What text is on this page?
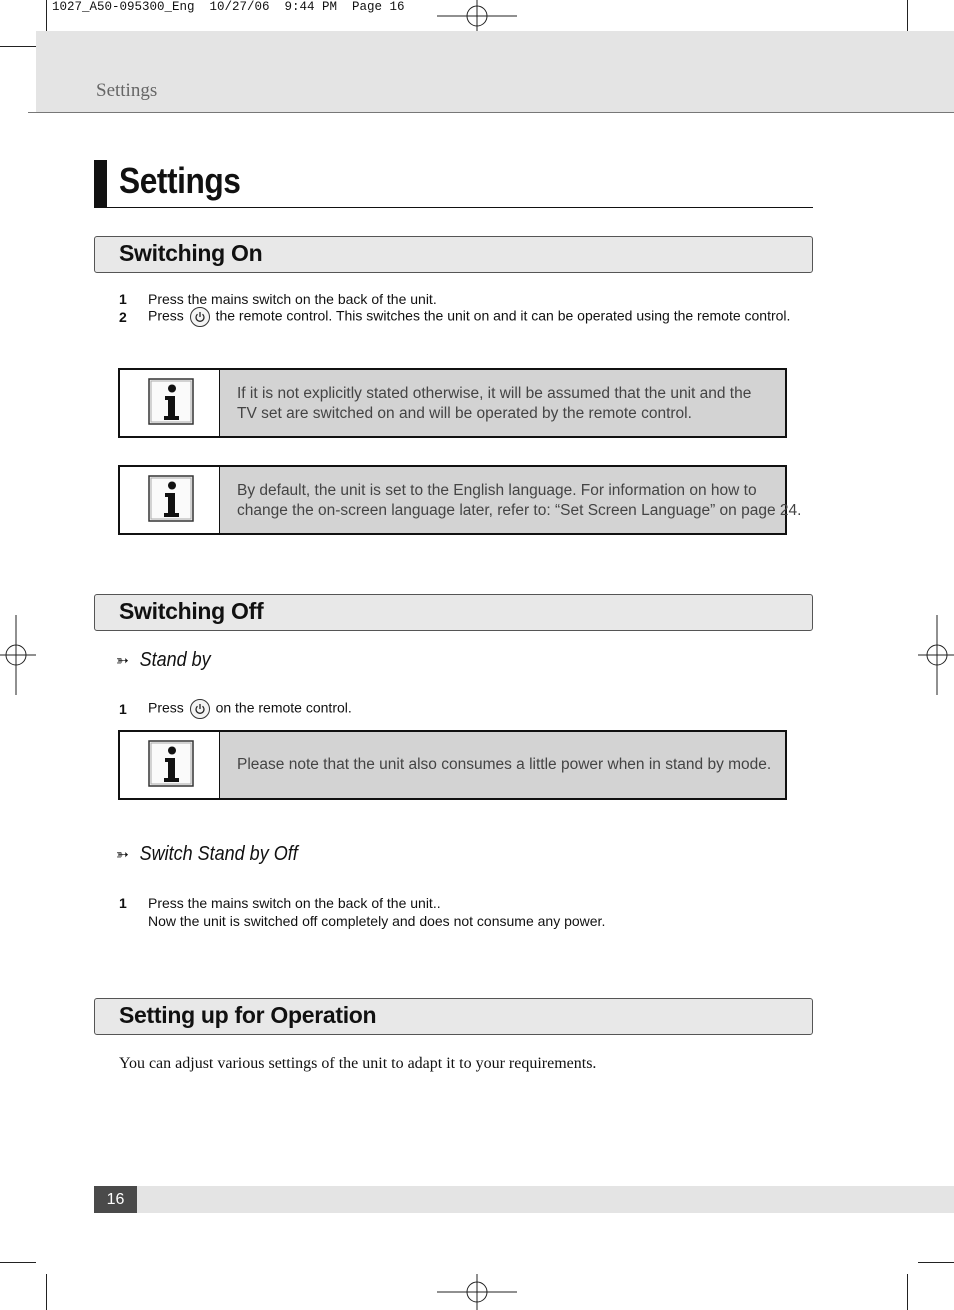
1027_A50-095300_Eng  10/27/06  9:44 PM  Page 16
Settings
Settings
Switching On
1 Press the mains switch on the back of the unit.
2 Press the remote control. This switches the unit on and it can be operated using the remote control.
If it is not explicitly stated otherwise, it will be assumed that the unit and the
TV set are switched on and will be operated by the remote control.
By default, the unit is set to the English language. For information on how to
change the on-screen language later, refer to: “Set Screen Language” on page 24.
Switching Off
➳ Stand by
1 Press on the remote control.
Please note that the unit also consumes a little power when in stand by mode.
➳ Switch Stand by Off
1 Press the mains switch on the back of the unit..
Now the unit is switched off completely and does not consume any power.
Setting up for Operation
You can adjust various settings of the unit to adapt it to your requirements.
16
